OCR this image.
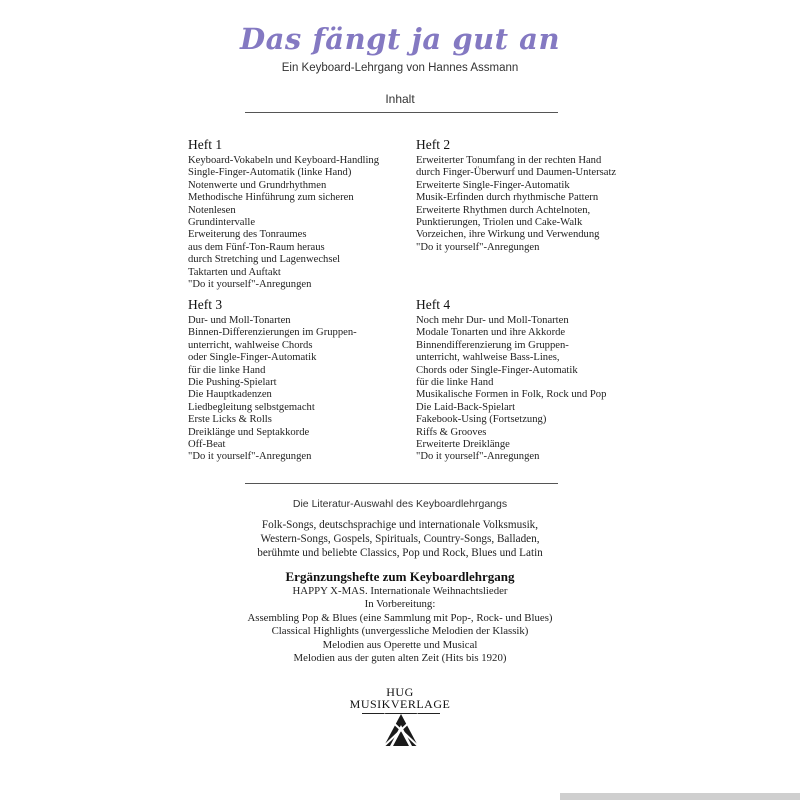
Das fängt ja gut an
Ein Keyboard-Lehrgang von Hannes Assmann
Inhalt
Heft 1
Keyboard-Vokabeln und Keyboard-Handling
Single-Finger-Automatik (linke Hand)
Notenwerte und Grundrhythmen
Methodische Hinführung zum sicheren
Notenlesen
Grundintervalle
Erweiterung des Tonraumes
aus dem Fünf-Ton-Raum heraus
durch Stretching und Lagenwechsel
Taktarten und Auftakt
"Do it yourself"-Anregungen
Heft 2
Erweiterter Tonumfang in der rechten Hand
durch Finger-Überwurf und Daumen-Untersatz
Erweiterte Single-Finger-Automatik
Musik-Erfinden durch rhythmische Pattern
Erweiterte Rhythmen durch Achtelnoten,
Punktierungen, Triolen und Cake-Walk
Vorzeichen, ihre Wirkung und Verwendung
"Do it yourself"-Anregungen
Heft 3
Dur- und Moll-Tonarten
Binnen-Differenzierungen im Gruppen-
unterricht, wahlweise Chords
oder Single-Finger-Automatik
für die linke Hand
Die Pushing-Spielart
Die Hauptkadenzen
Liedbegleitung selbstgemacht
Erste Licks & Rolls
Dreiklänge und Septakkorde
Off-Beat
"Do it yourself"-Anregungen
Heft 4
Noch mehr Dur- und Moll-Tonarten
Modale Tonarten und ihre Akkorde
Binnendifferenzierung im Gruppen-
unterricht, wahlweise Bass-Lines,
Chords oder Single-Finger-Automatik
für die linke Hand
Musikalische Formen in Folk, Rock und Pop
Die Laid-Back-Spielart
Fakebook-Using (Fortsetzung)
Riffs & Grooves
Erweiterte Dreiklänge
"Do it yourself"-Anregungen
Die Literatur-Auswahl des Keyboardlehrgangs
Folk-Songs, deutschsprachige und internationale Volksmusik,
Western-Songs, Gospels, Spirituals, Country-Songs, Balladen,
berühmte und beliebte Classics, Pop und Rock, Blues und Latin
Ergänzungshefte zum Keyboardlehrgang
HAPPY X-MAS. Internationale Weihnachtslieder
In Vorbereitung:
Assembling Pop & Blues (eine Sammlung mit Pop-, Rock- und Blues)
Classical Highlights (unvergessliche Melodien der Klassik)
Melodien aus Operette und Musical
Melodien aus der guten alten Zeit (Hits bis 1920)
HUG
MUSIKVERLAGE
